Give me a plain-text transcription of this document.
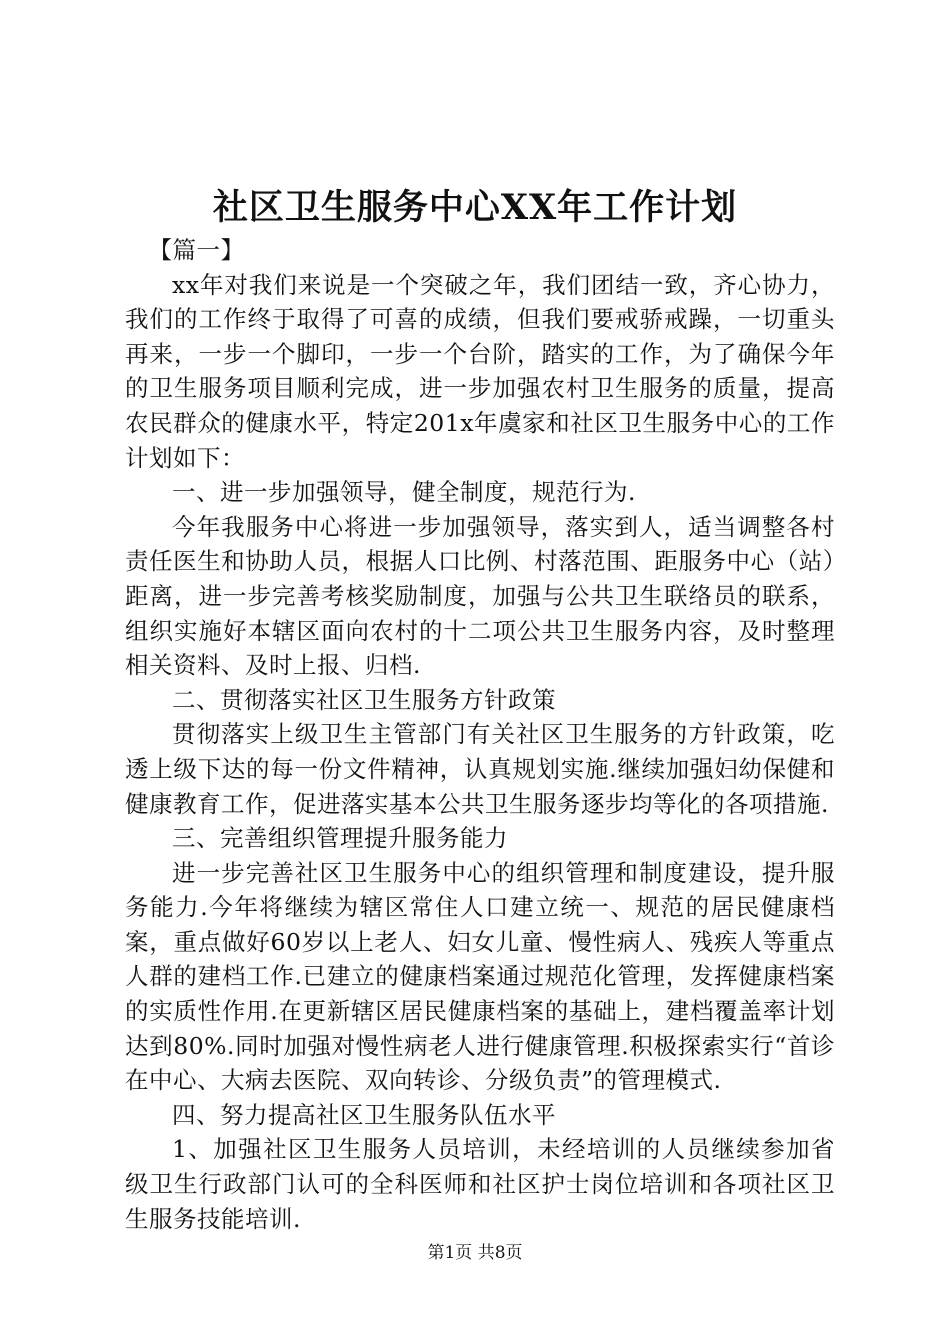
社区卫生服务中心XX年工作计划

【篇一】

xx年对我们来说是一个突破之年，我们团结一致，齐心协力，我们的工作终于取得了可喜的成绩，但我们要戒骄戒躁，一切重头再来，一步一个脚印，一步一个台阶，踏实的工作，为了确保今年的卫生服务项目顺利完成，进一步加强农村卫生服务的质量，提高农民群众的健康水平，特定201x年虞家和社区卫生服务中心的工作计划如下：

一、进一步加强领导，健全制度，规范行为.

今年我服务中心将进一步加强领导，落实到人，适当调整各村责任医生和协助人员，根据人口比例、村落范围、距服务中心（站）距离，进一步完善考核奖励制度，加强与公共卫生联络员的联系，组织实施好本辖区面向农村的十二项公共卫生服务内容，及时整理相关资料、及时上报、归档.

二、贯彻落实社区卫生服务方针政策

贯彻落实上级卫生主管部门有关社区卫生服务的方针政策，吃透上级下达的每一份文件精神，认真规划实施.继续加强妇幼保健和健康教育工作，促进落实基本公共卫生服务逐步均等化的各项措施.

三、完善组织管理提升服务能力

进一步完善社区卫生服务中心的组织管理和制度建设，提升服务能力.今年将继续为辖区常住人口建立统一、规范的居民健康档案，重点做好60岁以上老人、妇女儿童、慢性病人、残疾人等重点人群的建档工作.已建立的健康档案通过规范化管理，发挥健康档案的实质性作用.在更新辖区居民健康档案的基础上，建档覆盖率计划达到80%.同时加强对慢性病老人进行健康管理.积极探索实行“首诊在中心、大病去医院、双向转诊、分级负责”的管理模式.

四、努力提高社区卫生服务队伍水平

1、加强社区卫生服务人员培训，未经培训的人员继续参加省级卫生行政部门认可的全科医师和社区护士岗位培训和各项社区卫生服务技能培训.

第1页 共8页
